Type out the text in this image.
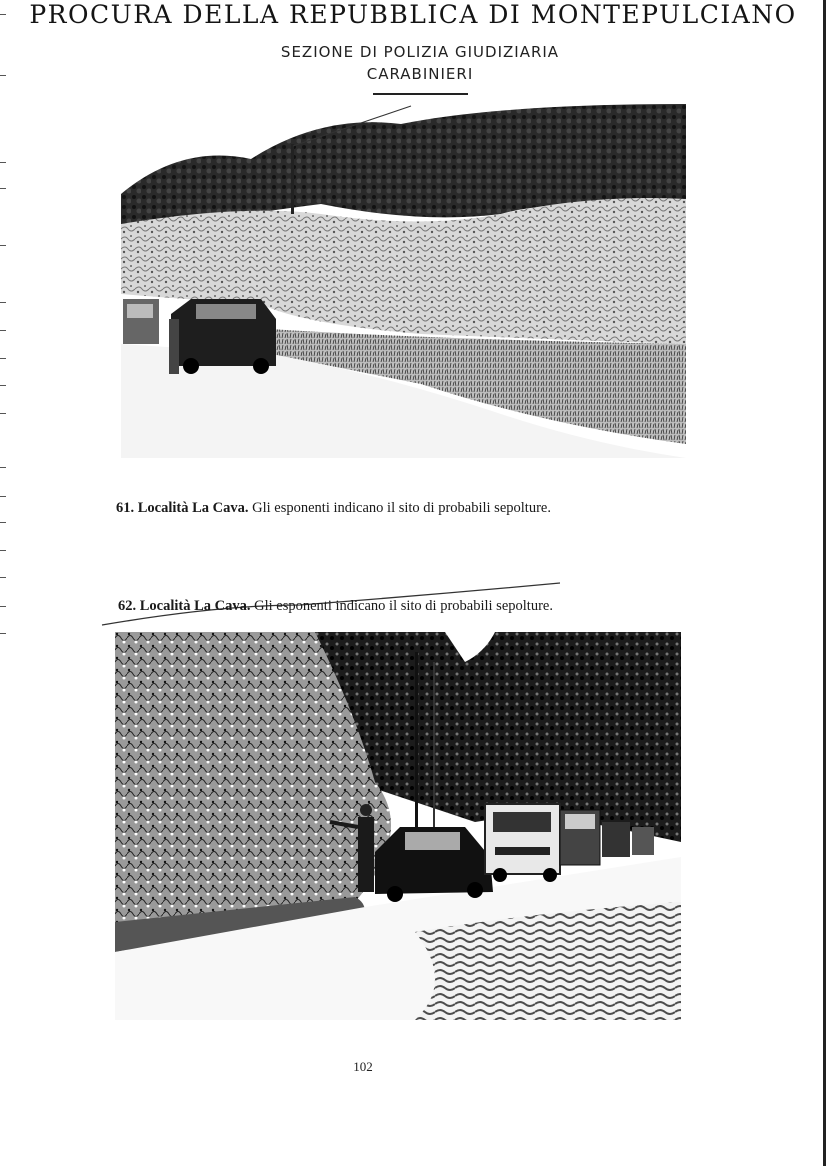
PROCURA DELLA REPUBBLICA DI MONTEPULCIANO
SEZIONE DI POLIZIA GIUDIZIARIA
CARABINIERI
61. Località La Cava. Gli esponenti indicano il sito di probabili sepolture.
62. Località La Cava. Gli esponenti indicano il sito di probabili sepolture.
102
